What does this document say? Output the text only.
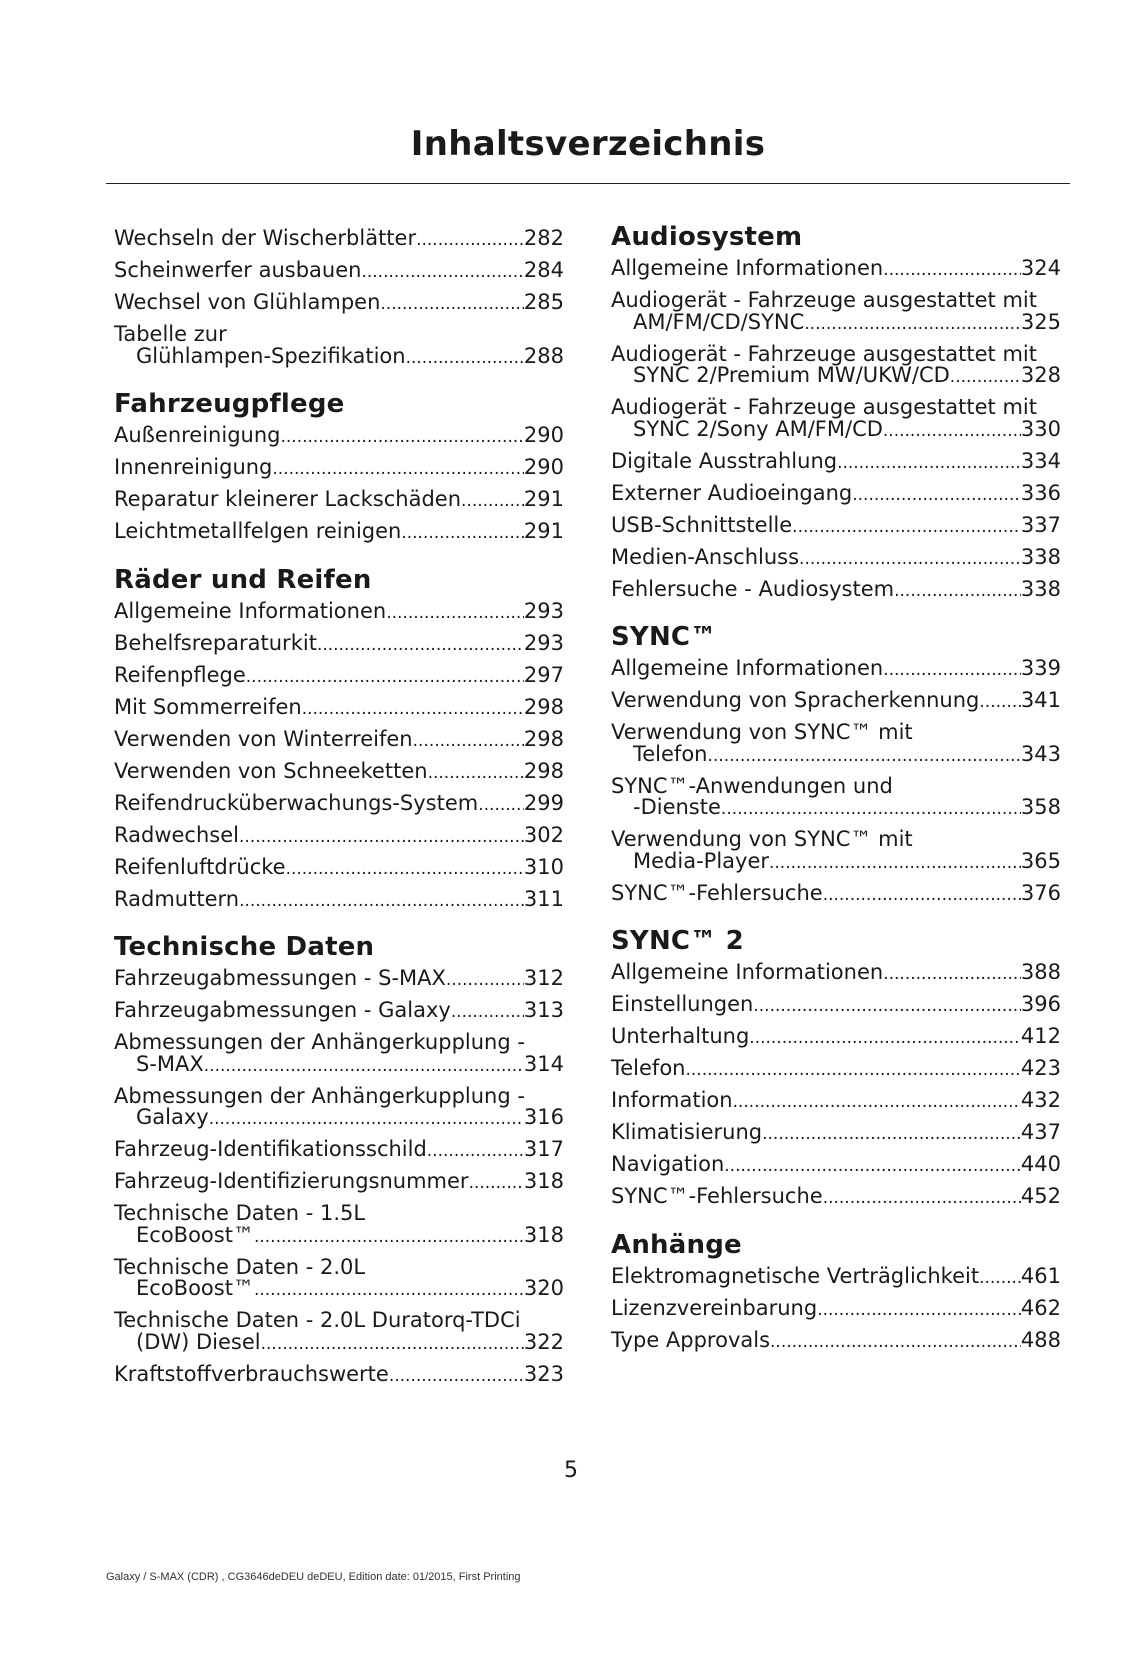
Inhaltsverzeichnis
Wechseln der Wischerblätter .....	282
Scheinwerfer ausbauen .....	284
Wechsel von Glühlampen .....	285
Tabelle zur
Glühlampen-Spezifikation .....	288
Fahrzeugpflege
Außenreinigung .....	290
Innenreinigung .....	290
Reparatur kleinerer Lackschäden .....	291
Leichtmetallfelgen reinigen .....	291
Räder und Reifen
Allgemeine Informationen .....	293
Behelfsreparaturkit .....	293
Reifenpflege .....	297
Mit Sommerreifen .....	298
Verwenden von Winterreifen .....	298
Verwenden von Schneeketten .....	298
Reifendrucküberwachungs-System ..... 299
Radwechsel .....	302
Reifenluftdrücke .....	310
Radmuttern .....	311
Technische Daten
Fahrzeugabmessungen - S-MAX .....	312
Fahrzeugabmessungen - Galaxy .....	313
Abmessungen der Anhängerkupplung -
S-MAX .....	314
Abmessungen der Anhängerkupplung -
Galaxy .....	316
Fahrzeug-Identifikationsschild .....	317
Fahrzeug-Identifizierungsnummer .....	318
Technische Daten - 1.5L
EcoBoost™ .....	318
Technische Daten - 2.0L
EcoBoost™ .....	320
Technische Daten - 2.0L Duratorq-TDCi
(DW) Diesel .....	322
Kraftstoffverbrauchswerte .....	323
Audiosystem
Allgemeine Informationen .....	324
Audiogerät - Fahrzeuge ausgestattet mit
AM/FM/CD/SYNC .....	325
Audiogerät - Fahrzeuge ausgestattet mit
SYNC 2/Premium MW/UKW/CD .....	328
Audiogerät - Fahrzeuge ausgestattet mit
SYNC 2/Sony AM/FM/CD .....	330
Digitale Ausstrahlung .....	334
Externer Audioeingang .....	336
USB-Schnittstelle .....	337
Medien-Anschluss .....	338
Fehlersuche - Audiosystem .....	338
SYNC™
Allgemeine Informationen .....	339
Verwendung von Spracherkennung ..... 341
Verwendung von SYNC™ mit
Telefon .....	343
SYNC™-Anwendungen und
-Dienste .....	358
Verwendung von SYNC™ mit
Media-Player .....	365
SYNC™-Fehlersuche .....	376
SYNC™ 2
Allgemeine Informationen .....	388
Einstellungen .....	396
Unterhaltung .....	412
Telefon .....	423
Information .....	432
Klimatisierung .....	437
Navigation .....	440
SYNC™-Fehlersuche .....	452
Anhänge
Elektromagnetische Verträglichkeit ..... 461
Lizenzvereinbarung .....	462
Type Approvals .....	488
5
Galaxy / S-MAX (CDR) , CG3646deDEU deDEU, Edition date: 01/2015, First Printing
